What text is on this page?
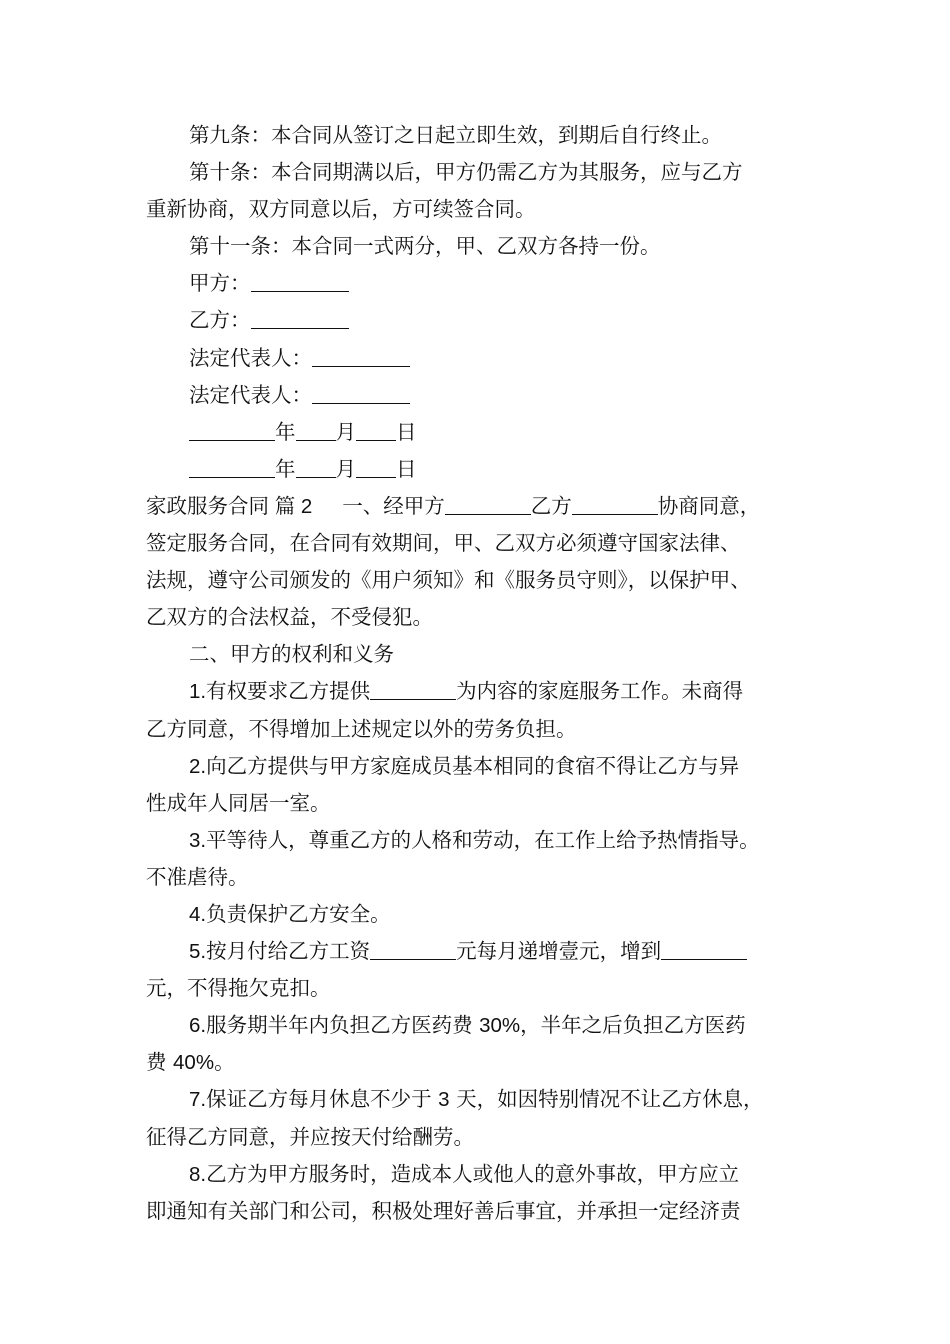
第九条：本合同从签订之日起立即生效，到期后自行终止。
第十条：本合同期满以后，甲方仍需乙方为其服务，应与乙方
重新协商，双方同意以后，方可续签合同。
第十一条：本合同一式两分，甲、乙双方各持一份。
甲方：
乙方：
法定代表人：
法定代表人：
年 月 日
年 月 日
家政服务合同 篇 2 一、经甲方	乙方	协商同意，
签定服务合同，在合同有效期间，甲、乙双方必须遵守国家法律、
法规，遵守公司颁发的《用户须知》和《服务员守则》，以保护甲、
乙双方的合法权益，不受侵犯。
二、甲方的权利和义务
1.有权要求乙方提供	为内容的家庭服务工作。未商得
乙方同意，不得增加上述规定以外的劳务负担。
2.向乙方提供与甲方家庭成员基本相同的食宿不得让乙方与异
性成年人同居一室。
3.平等待人，尊重乙方的人格和劳动，在工作上给予热情指导。
不准虐待。
4.负责保护乙方安全。
5.按月付给乙方工资	元每月递增壹元，增到
元，不得拖欠克扣。
6.服务期半年内负担乙方医药费 30%，半年之后负担乙方医药
费 40%。
7.保证乙方每月休息不少于 3 天，如因特别情况不让乙方休息，
征得乙方同意，并应按天付给酬劳。
8.乙方为甲方服务时，造成本人或他人的意外事故，甲方应立
即通知有关部门和公司，积极处理好善后事宜，并承担一定经济责
